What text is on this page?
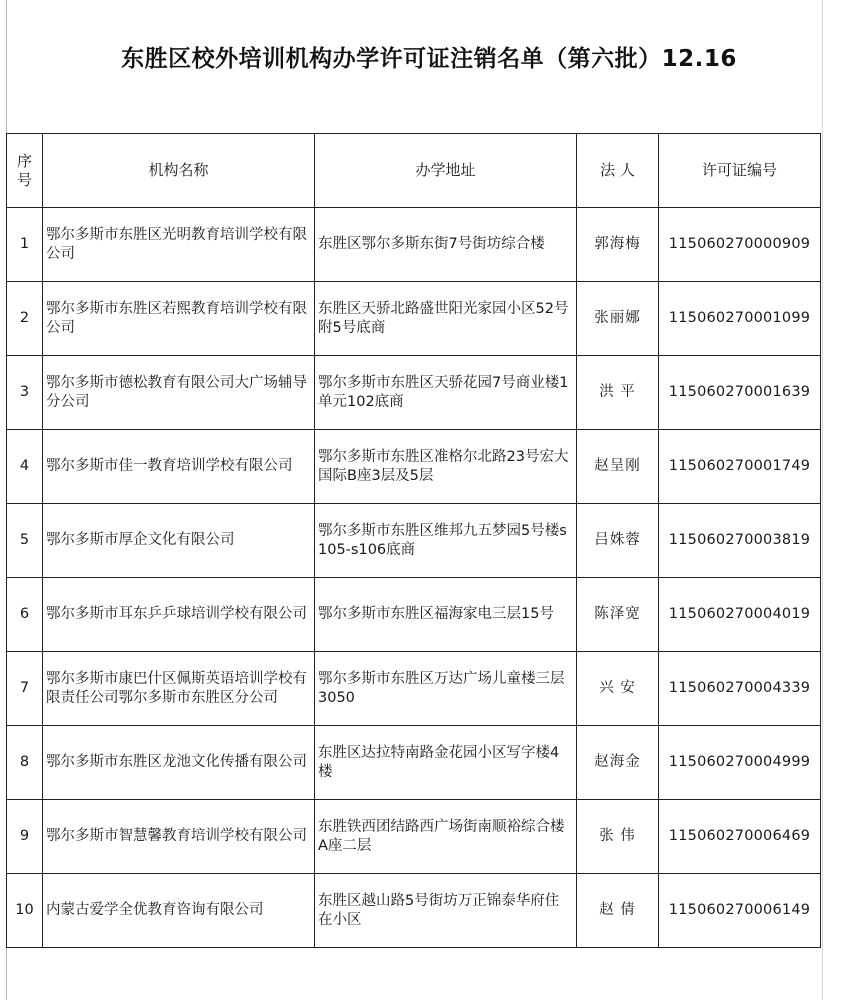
东胜区校外培训机构办学许可证注销名单（第六批）12.16
序号	机构名称	办学地址	法 人	许可证编号
1	鄂尔多斯市东胜区光明教育培训学校有限公司	东胜区鄂尔多斯东街7号街坊综合楼	郭海梅	115060270000909
2	鄂尔多斯市东胜区若熙教育培训学校有限公司	东胜区天骄北路盛世阳光家园小区52号附5号底商	张丽娜	115060270001099
3	鄂尔多斯市德松教育有限公司大广场辅导分公司	鄂尔多斯市东胜区天骄花园7号商业楼1单元102底商	洪 平	115060270001639
4	鄂尔多斯市佳一教育培训学校有限公司	鄂尔多斯市东胜区准格尔北路23号宏大国际B座3层及5层	赵呈刚	115060270001749
5	鄂尔多斯市厚企文化有限公司	鄂尔多斯市东胜区维邦九五梦园5号楼s105-s106底商	吕姝蓉	115060270003819
6	鄂尔多斯市耳东乒乒球培训学校有限公司	鄂尔多斯市东胜区福海家电三层15号	陈泽宽	115060270004019
7	鄂尔多斯市康巴什区佩斯英语培训学校有限责任公司鄂尔多斯市东胜区分公司	鄂尔多斯市东胜区万达广场儿童楼三层3050	兴 安	115060270004339
8	鄂尔多斯市东胜区龙池文化传播有限公司	东胜区达拉特南路金花园小区写字楼4楼	赵海金	115060270004999
9	鄂尔多斯市智慧馨教育培训学校有限公司	东胜铁西团结路西广场街南顺裕综合楼A座二层	张 伟	115060270006469
10	内蒙古爱学全优教育咨询有限公司	东胜区越山路5号街坊万正锦泰华府住在小区	赵 倩	115060270006149
